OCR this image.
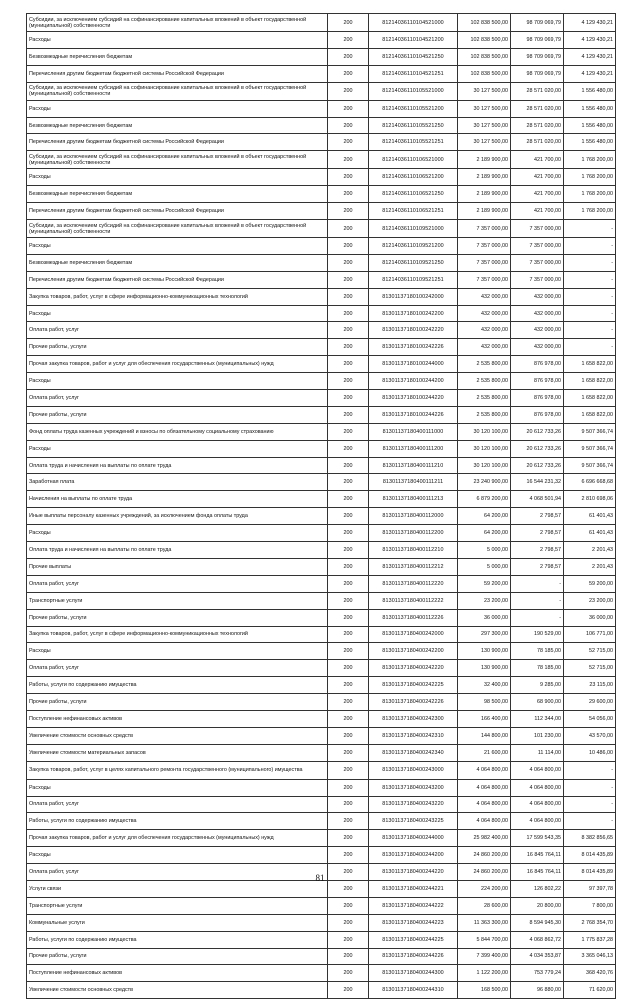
Субсидии, за исключением субсидий на софинансирование капитальных вложений в объект государственной (муниципальной) собственности	200	81214036110104521000	102 838 500,00	98 709 069,79	4 129 430,21
Расходы	200	81214036110104521200	102 838 500,00	98 709 069,79	4 129 430,21
Безвозмездные перечисления бюджетам	200	81214036110104521250	102 838 500,00	98 709 069,79	4 129 430,21
Перечисления другим бюджетам бюджетной системы Российской Федерации	200	81214036110104521251	102 838 500,00	98 709 069,79	4 129 430,21
Субсидии, за исключением субсидий на софинансирование капитальных вложений в объект государственной (муниципальной) собственности	200	81214036110105521000	30 127 500,00	28 571 020,00	1 556 480,00
Расходы	200	81214036110105521200	30 127 500,00	28 571 020,00	1 556 480,00
Безвозмездные перечисления бюджетам	200	81214036110105521250	30 127 500,00	28 571 020,00	1 556 480,00
Перечисления другим бюджетам бюджетной системы Российской Федерации	200	81214036110105521251	30 127 500,00	28 571 020,00	1 556 480,00
Субсидии, за исключением субсидий на софинансирование капитальных вложений в объект государственной (муниципальной) собственности	200	81214036110106521000	2 189 900,00	421 700,00	1 768 200,00
Расходы	200	81214036110106521200	2 189 900,00	421 700,00	1 768 200,00
Безвозмездные перечисления бюджетам	200	81214036110106521250	2 189 900,00	421 700,00	1 768 200,00
Перечисления другим бюджетам бюджетной системы Российской Федерации	200	81214036110106521251	2 189 900,00	421 700,00	1 768 200,00
Субсидии, за исключением субсидий на софинансирование капитальных вложений в объект государственной (муниципальной) собственности	200	81214036110109521000	7 357 000,00	7 357 000,00	-
Расходы	200	81214036110109521200	7 357 000,00	7 357 000,00	-
Безвозмездные перечисления бюджетам	200	81214036110109521250	7 357 000,00	7 357 000,00	-
Перечисления другим бюджетам бюджетной системы Российской Федерации	200	81214036110109521251	7 357 000,00	7 357 000,00	-
Закупка товаров, работ, услуг в сфере информационно-коммуникационных технологий	200	81301137180100242000	432 000,00	432 000,00	-
Расходы	200	81301137180100242200	432 000,00	432 000,00	-
Оплата работ, услуг	200	81301137180100242220	432 000,00	432 000,00	-
Прочие работы, услуги	200	81301137180100242226	432 000,00	432 000,00	-
Прочая закупка товаров, работ и услуг для обеспечения государственных (муниципальных) нужд	200	81301137180100244000	2 535 800,00	876 978,00	1 658 822,00
Расходы	200	81301137180100244200	2 535 800,00	876 978,00	1 658 822,00
Оплата работ, услуг	200	81301137180100244220	2 535 800,00	876 978,00	1 658 822,00
Прочие работы, услуги	200	81301137180100244226	2 535 800,00	876 978,00	1 658 822,00
Фонд оплаты труда казенных учреждений и взносы по обязательному социальному страхованию	200	81301137180400111000	30 120 100,00	20 612 733,26	9 507 366,74
Расходы	200	81301137180400111200	30 120 100,00	20 612 733,26	9 507 366,74
Оплата труда и начисления на выплаты по оплате труда	200	81301137180400111210	30 120 100,00	20 612 733,26	9 507 366,74
Заработная плата	200	81301137180400111211	23 240 900,00	16 544 231,32	6 696 668,68
Начисления на выплаты по оплате труда	200	81301137180400111213	6 879 200,00	4 068 501,94	2 810 698,06
Иные выплаты персоналу казенных учреждений, за исключением фонда оплаты труда	200	81301137180400112000	64 200,00	2 798,57	61 401,43
Расходы	200	81301137180400112200	64 200,00	2 798,57	61 401,43
Оплата труда и начисления на выплаты по оплате труда	200	81301137180400112210	5 000,00	2 798,57	2 201,43
Прочие выплаты	200	81301137180400112212	5 000,00	2 798,57	2 201,43
Оплата работ, услуг	200	81301137180400112220	59 200,00	-	59 200,00
Транспортные услуги	200	81301137180400112222	23 200,00	-	23 200,00
Прочие работы, услуги	200	81301137180400112226	36 000,00	-	36 000,00
Закупка товаров, работ, услуг в сфере информационно-коммуникационных технологий	200	81301137180400242000	297 300,00	190 529,00	106 771,00
Расходы	200	81301137180400242200	130 900,00	78 185,00	52 715,00
Оплата работ, услуг	200	81301137180400242220	130 900,00	78 185,00	52 715,00
Работы, услуги по содержанию имущества	200	81301137180400242225	32 400,00	9 285,00	23 115,00
Прочие работы, услуги	200	81301137180400242226	98 500,00	68 900,00	29 600,00
Поступление нефинансовых активов	200	81301137180400242300	166 400,00	112 344,00	54 056,00
Увеличение стоимости основных средств	200	81301137180400242310	144 800,00	101 230,00	43 570,00
Увеличение стоимости материальных запасов	200	81301137180400242340	21 600,00	11 114,00	10 486,00
Закупка товаров, работ, услуг в целях капитального ремонта государственного (муниципального) имущества	200	81301137180400243000	4 064 800,00	4 064 800,00	-
Расходы	200	81301137180400243200	4 064 800,00	4 064 800,00	-
Оплата работ, услуг	200	81301137180400243220	4 064 800,00	4 064 800,00	-
Работы, услуги по содержанию имущества	200	81301137180400243225	4 064 800,00	4 064 800,00	-
Прочая закупка товаров, работ и услуг для обеспечения государственных (муниципальных) нужд	200	81301137180400244000	25 982 400,00	17 599 543,35	8 382 856,65
Расходы	200	81301137180400244200	24 860 200,00	16 845 764,11	8 014 435,89
Оплата работ, услуг	200	81301137180400244220	24 860 200,00	16 845 764,11	8 014 435,89
Услуги связи	200	81301137180400244221	224 200,00	126 802,22	97 397,78
Транспортные услуги	200	81301137180400244222	28 600,00	20 800,00	7 800,00
Коммунальные услуги	200	81301137180400244223	11 363 300,00	8 594 945,30	2 768 354,70
Работы, услуги по содержанию имущества	200	81301137180400244225	5 844 700,00	4 068 862,72	1 775 837,28
Прочие работы, услуги	200	81301137180400244226	7 399 400,00	4 034 353,87	3 365 046,13
Поступление нефинансовых активов	200	81301137180400244300	1 122 200,00	753 779,24	368 420,76
Увеличение стоимости основных средств	200	81301137180400244310	168 500,00	96 880,00	71 620,00
81
